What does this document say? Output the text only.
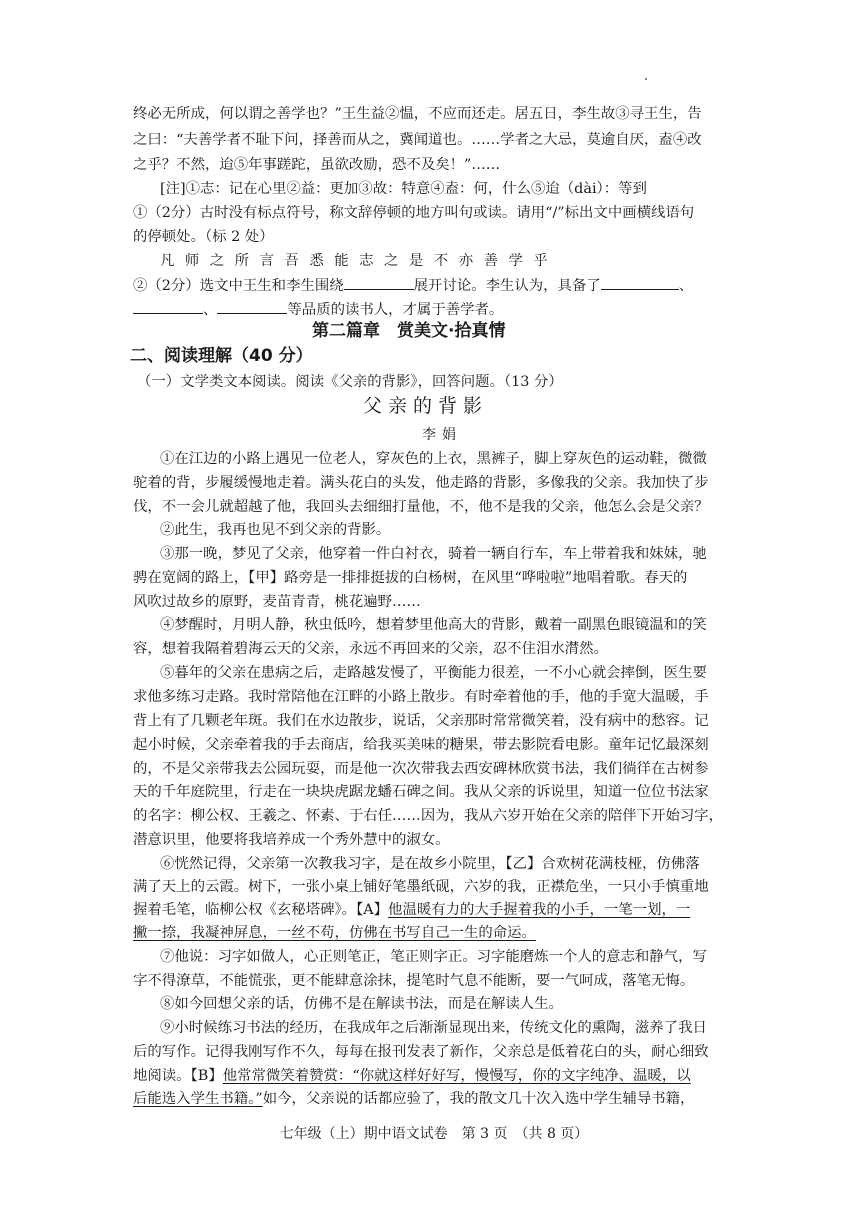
终必无所成，何以谓之善学也？”王生益②愠，不应而还走。居五日，李生故③寻王生，告
之曰：“夫善学者不耻下问，择善而从之，冀闻道也。……学者之大忌，莫逾自厌，盍④改
之乎？不然，迨⑤年事蹉跎，虽欲改励，恐不及矣！”……
[注]①志：记在心里②益：更加③故：特意④盍：何，什么⑤迨（dài）：等到
①（2分）古时没有标点符号，称文辞停顿的地方叫句或读。请用“/”标出文中画横线语句
的停顿处。（标 2 处）
凡师之所言吾悉能志之是不亦善学乎
②（2分）选文中王生和李生围绕	展开讨论。李生认为，具备了	、
、	等品质的读书人，才属于善学者。
第二篇章　赏美文·拾真情
二、阅读理解（40 分）
（一）文学类文本阅读。阅读《父亲的背影》，回答问题。（13 分）
父亲的背影
李娟
①在江边的小路上遇见一位老人，穿灰色的上衣，黑裤子，脚上穿灰色的运动鞋，微微
驼着的背，步履缓慢地走着。满头花白的头发，他走路的背影，多像我的父亲。我加快了步
伐，不一会儿就超越了他，我回头去细细打量他，不，他不是我的父亲，他怎么会是父亲？
②此生，我再也见不到父亲的背影。
③那一晚，梦见了父亲，他穿着一件白衬衣，骑着一辆自行车，车上带着我和妹妹，驰
骋在宽阔的路上，【甲】路旁是一排排挺拔的白杨树，在风里“哗啦啦”地唱着歌。春天的
风吹过故乡的原野，麦苗青青，桃花遍野……
④梦醒时，月明人静，秋虫低吟，想着梦里他高大的背影，戴着一副黑色眼镜温和的笑
容，想着我隔着碧海云天的父亲，永远不再回来的父亲，忍不住泪水潸然。
⑤暮年的父亲在患病之后，走路越发慢了，平衡能力很差，一不小心就会摔倒，医生要
求他多练习走路。我时常陪他在江畔的小路上散步。有时牵着他的手，他的手宽大温暖，手
背上有了几颗老年斑。我们在水边散步，说话，父亲那时常常微笑着，没有病中的愁容。记
起小时候，父亲牵着我的手去商店，给我买美味的糖果，带去影院看电影。童年记忆最深刻
的，不是父亲带我去公园玩耍，而是他一次次带我去西安碑林欣赏书法，我们徜徉在古树参
天的千年庭院里，行走在一块块虎踞龙蟠石碑之间。我从父亲的诉说里，知道一位位书法家
的名字：柳公权、王羲之、怀素、于右任……因为，我从六岁开始在父亲的陪伴下开始习字，
潜意识里，他要将我培养成一个秀外慧中的淑女。
⑥恍然记得，父亲第一次教我习字，是在故乡小院里，【乙】合欢树花满枝桠，仿佛落
满了天上的云霞。树下，一张小桌上铺好笔墨纸砚，六岁的我，正襟危坐，一只小手慎重地
握着毛笔，临柳公权《玄秘塔碑》。【A】他温暖有力的大手握着我的小手，一笔一划，一
撇一捺，我凝神屏息，一丝不苟，仿佛在书写自己一生的命运。
⑦他说：习字如做人，心正则笔正，笔正则字正。习字能磨炼一个人的意志和静气，写
字不得潦草，不能慌张，更不能肆意涂抹，提笔时气息不能断，要一气呵成，落笔无悔。
⑧如今回想父亲的话，仿佛不是在解读书法，而是在解读人生。
⑨小时候练习书法的经历，在我成年之后渐渐显现出来，传统文化的熏陶，滋养了我日
后的写作。记得我刚写作不久，每每在报刊发表了新作，父亲总是低着花白的头，耐心细致
地阅读。【B】他常常微笑着赞赏：“你就这样好好写，慢慢写，你的文字纯净、温暖，以
后能选入学生书籍。”如今，父亲说的话都应验了，我的散文几十次入选中学生辅导书籍，
七年级（上）期中语文试卷　第 3 页　（共 8 页）
